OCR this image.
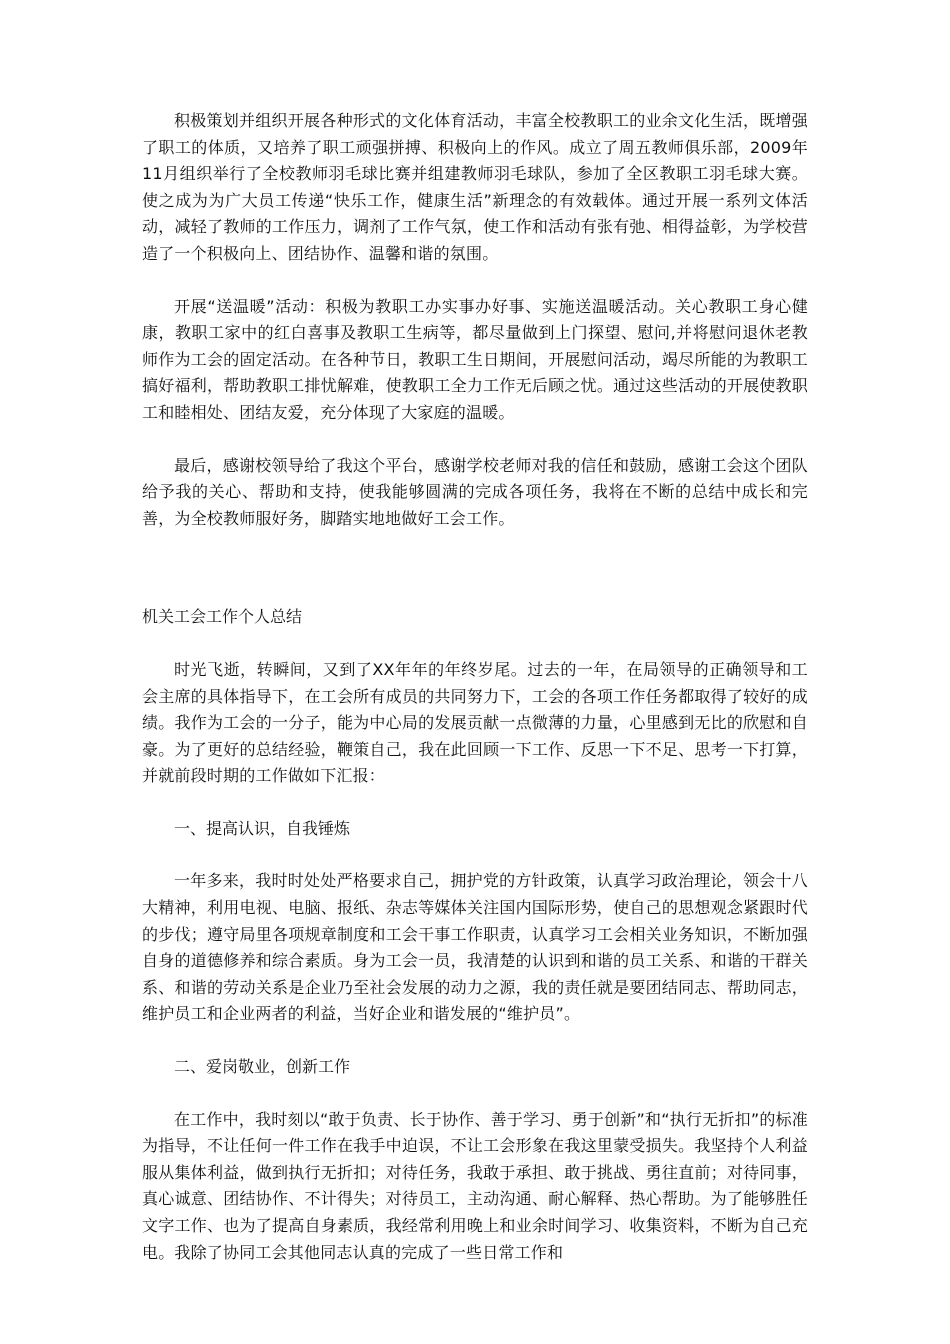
积极策划并组织开展各种形式的文化体育活动，丰富全校教职工的业余文化生活，既增强了职工的体质，又培养了职工顽强拼搏、积极向上的作风。成立了周五教师俱乐部，2009年11月组织举行了全校教师羽毛球比赛并组建教师羽毛球队，参加了全区教职工羽毛球大赛。使之成为为广大员工传递“快乐工作，健康生活”新理念的有效载体。通过开展一系列文体活动，减轻了教师的工作压力，调剂了工作气氛，使工作和活动有张有弛、相得益彰，为学校营造了一个积极向上、团结协作、温馨和谐的氛围。

开展“送温暖”活动：积极为教职工办实事办好事、实施送温暖活动。关心教职工身心健康，教职工家中的红白喜事及教职工生病等，都尽量做到上门探望、慰问,并将慰问退休老教师作为工会的固定活动。在各种节日，教职工生日期间，开展慰问活动，竭尽所能的为教职工搞好福利，帮助教职工排忧解难，使教职工全力工作无后顾之忧。通过这些活动的开展使教职工和睦相处、团结友爱，充分体现了大家庭的温暖。

最后，感谢校领导给了我这个平台，感谢学校老师对我的信任和鼓励，感谢工会这个团队给予我的关心、帮助和支持，使我能够圆满的完成各项任务，我将在不断的总结中成长和完善，为全校教师服好务，脚踏实地地做好工会工作。

机关工会工作个人总结

时光飞逝，转瞬间，又到了XX年年的年终岁尾。过去的一年，在局领导的正确领导和工会主席的具体指导下，在工会所有成员的共同努力下，工会的各项工作任务都取得了较好的成绩。我作为工会的一分子，能为中心局的发展贡献一点微薄的力量，心里感到无比的欣慰和自豪。为了更好的总结经验，鞭策自己，我在此回顾一下工作、反思一下不足、思考一下打算，并就前段时期的工作做如下汇报：

一、提高认识，自我锤炼

一年多来，我时时处处严格要求自己，拥护党的方针政策，认真学习政治理论，领会十八大精神，利用电视、电脑、报纸、杂志等媒体关注国内国际形势，使自己的思想观念紧跟时代的步伐；遵守局里各项规章制度和工会干事工作职责，认真学习工会相关业务知识，不断加强自身的道德修养和综合素质。身为工会一员，我清楚的认识到和谐的员工关系、和谐的干群关系、和谐的劳动关系是企业乃至社会发展的动力之源，我的责任就是要团结同志、帮助同志，维护员工和企业两者的利益，当好企业和谐发展的“维护员”。

二、爱岗敬业，创新工作

在工作中，我时刻以“敢于负责、长于协作、善于学习、勇于创新”和“执行无折扣”的标准为指导，不让任何一件工作在我手中迫误，不让工会形象在我这里蒙受损失。我坚持个人利益服从集体利益，做到执行无折扣；对待任务，我敢于承担、敢于挑战、勇往直前；对待同事，真心诚意、团结协作、不计得失；对待员工，主动沟通、耐心解释、热心帮助。为了能够胜任文字工作、也为了提高自身素质，我经常利用晚上和业余时间学习、收集资料，不断为自己充电。我除了协同工会其他同志认真的完成了一些日常工作和
